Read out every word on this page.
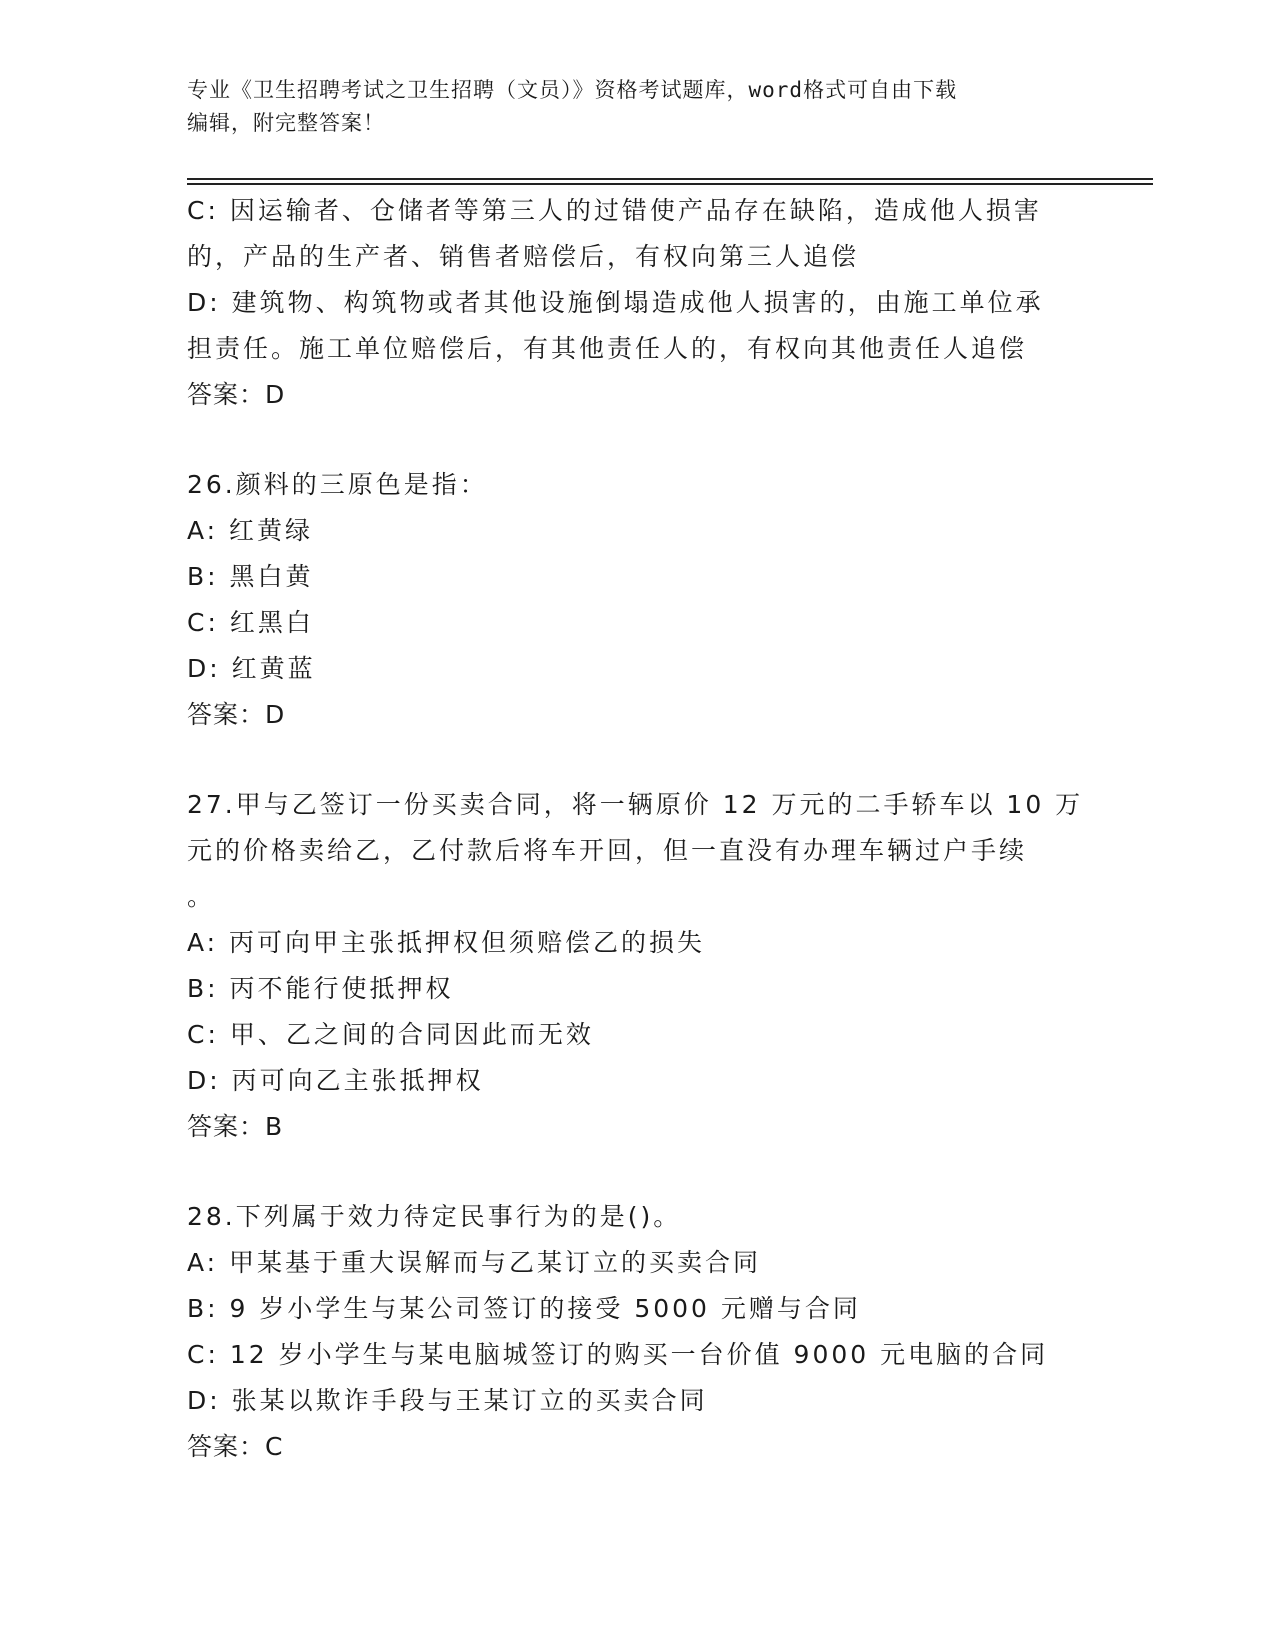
专业《卫生招聘考试之卫生招聘（文员）》资格考试题库，word格式可自由下载
编辑，附完整答案！
C: 因运输者、仓储者等第三人的过错使产品存在缺陷，造成他人损害
的，产品的生产者、销售者赔偿后，有权向第三人追偿
D: 建筑物、构筑物或者其他设施倒塌造成他人损害的，由施工单位承
担责任。施工单位赔偿后，有其他责任人的，有权向其他责任人追偿
答案：D
26.颜料的三原色是指：
A: 红黄绿
B: 黑白黄
C: 红黑白
D: 红黄蓝
答案：D
27.甲与乙签订一份买卖合同，将一辆原价 12 万元的二手轿车以 10 万
元的价格卖给乙，乙付款后将车开回，但一直没有办理车辆过户手续
。
A: 丙可向甲主张抵押权但须赔偿乙的损失
B: 丙不能行使抵押权
C: 甲、乙之间的合同因此而无效
D: 丙可向乙主张抵押权
答案：B
28.下列属于效力待定民事行为的是()。
A: 甲某基于重大误解而与乙某订立的买卖合同
B: 9 岁小学生与某公司签订的接受 5000 元赠与合同
C: 12 岁小学生与某电脑城签订的购买一台价值 9000 元电脑的合同
D: 张某以欺诈手段与王某订立的买卖合同
答案：C
